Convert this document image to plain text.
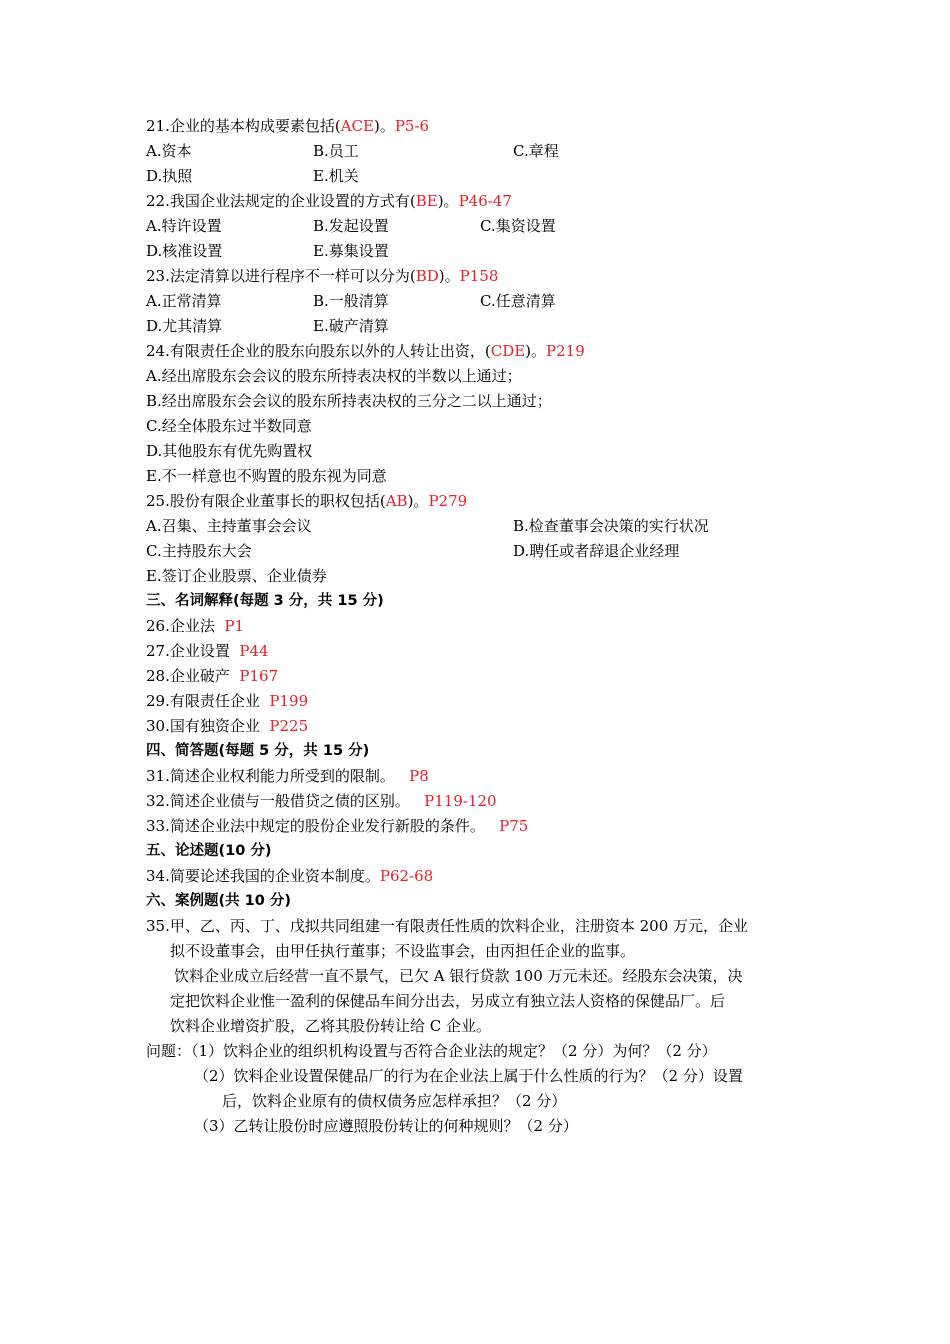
21.企业的基本构成要素包括(ACE)。P5-6
A.资本	B.员工	C.章程
D.执照	E.机关
22.我国企业法规定的企业设置的方式有(BE)。P46-47
A.特许设置	B.发起设置	C.集资设置
D.核准设置	E.募集设置
23.法定清算以进行程序不一样可以分为(BD)。P158
A.正常清算	B.一般清算	C.任意清算
D.尤其清算	E.破产清算
24.有限责任企业的股东向股东以外的人转让出资，(CDE)。P219
A.经出席股东会会议的股东所持表决权的半数以上通过；
B.经出席股东会会议的股东所持表决权的三分之二以上通过；
C.经全体股东过半数同意
D.其他股东有优先购置权
E.不一样意也不购置的股东视为同意
25.股份有限企业董事长的职权包括(AB)。P279
A.召集、主持董事会会议	B.检查董事会决策的实行状况
C.主持股东大会	D.聘任或者辞退企业经理
E.签订企业股票、企业债券
三、名词解释(每题 3 分，共 15 分)
26.企业法 P1
27.企业设置 P44
28.企业破产 P167
29.有限责任企业 P199
30.国有独资企业 P225
四、简答题(每题 5 分，共 15 分)
31.简述企业权利能力所受到的限制。 P8
32.简述企业债与一般借贷之债的区别。 P119-120
33.简述企业法中规定的股份企业发行新股的条件。 P75
五、论述题(10 分)
34.简要论述我国的企业资本制度。P62-68
六、案例题(共 10 分)
35.甲、乙、丙、丁、戊拟共同组建一有限责任性质的饮料企业，注册资本 200 万元，企业
拟不设董事会，由甲任执行董事；不设监事会，由丙担任企业的监事。
饮料企业成立后经营一直不景气，已欠 A 银行贷款 100 万元未还。经股东会决策，决
定把饮料企业惟一盈利的保健品车间分出去，另成立有独立法人资格的保健品厂。后
饮料企业增资扩股，乙将其股份转让给 C 企业。
问题：（1）饮料企业的组织机构设置与否符合企业法的规定？（2 分）为何？（2 分）
（2）饮料企业设置保健品厂的行为在企业法上属于什么性质的行为？（2 分）设置
后，饮料企业原有的债权债务应怎样承担？（2 分）
（3）乙转让股份时应遵照股份转让的何种规则？（2 分）
